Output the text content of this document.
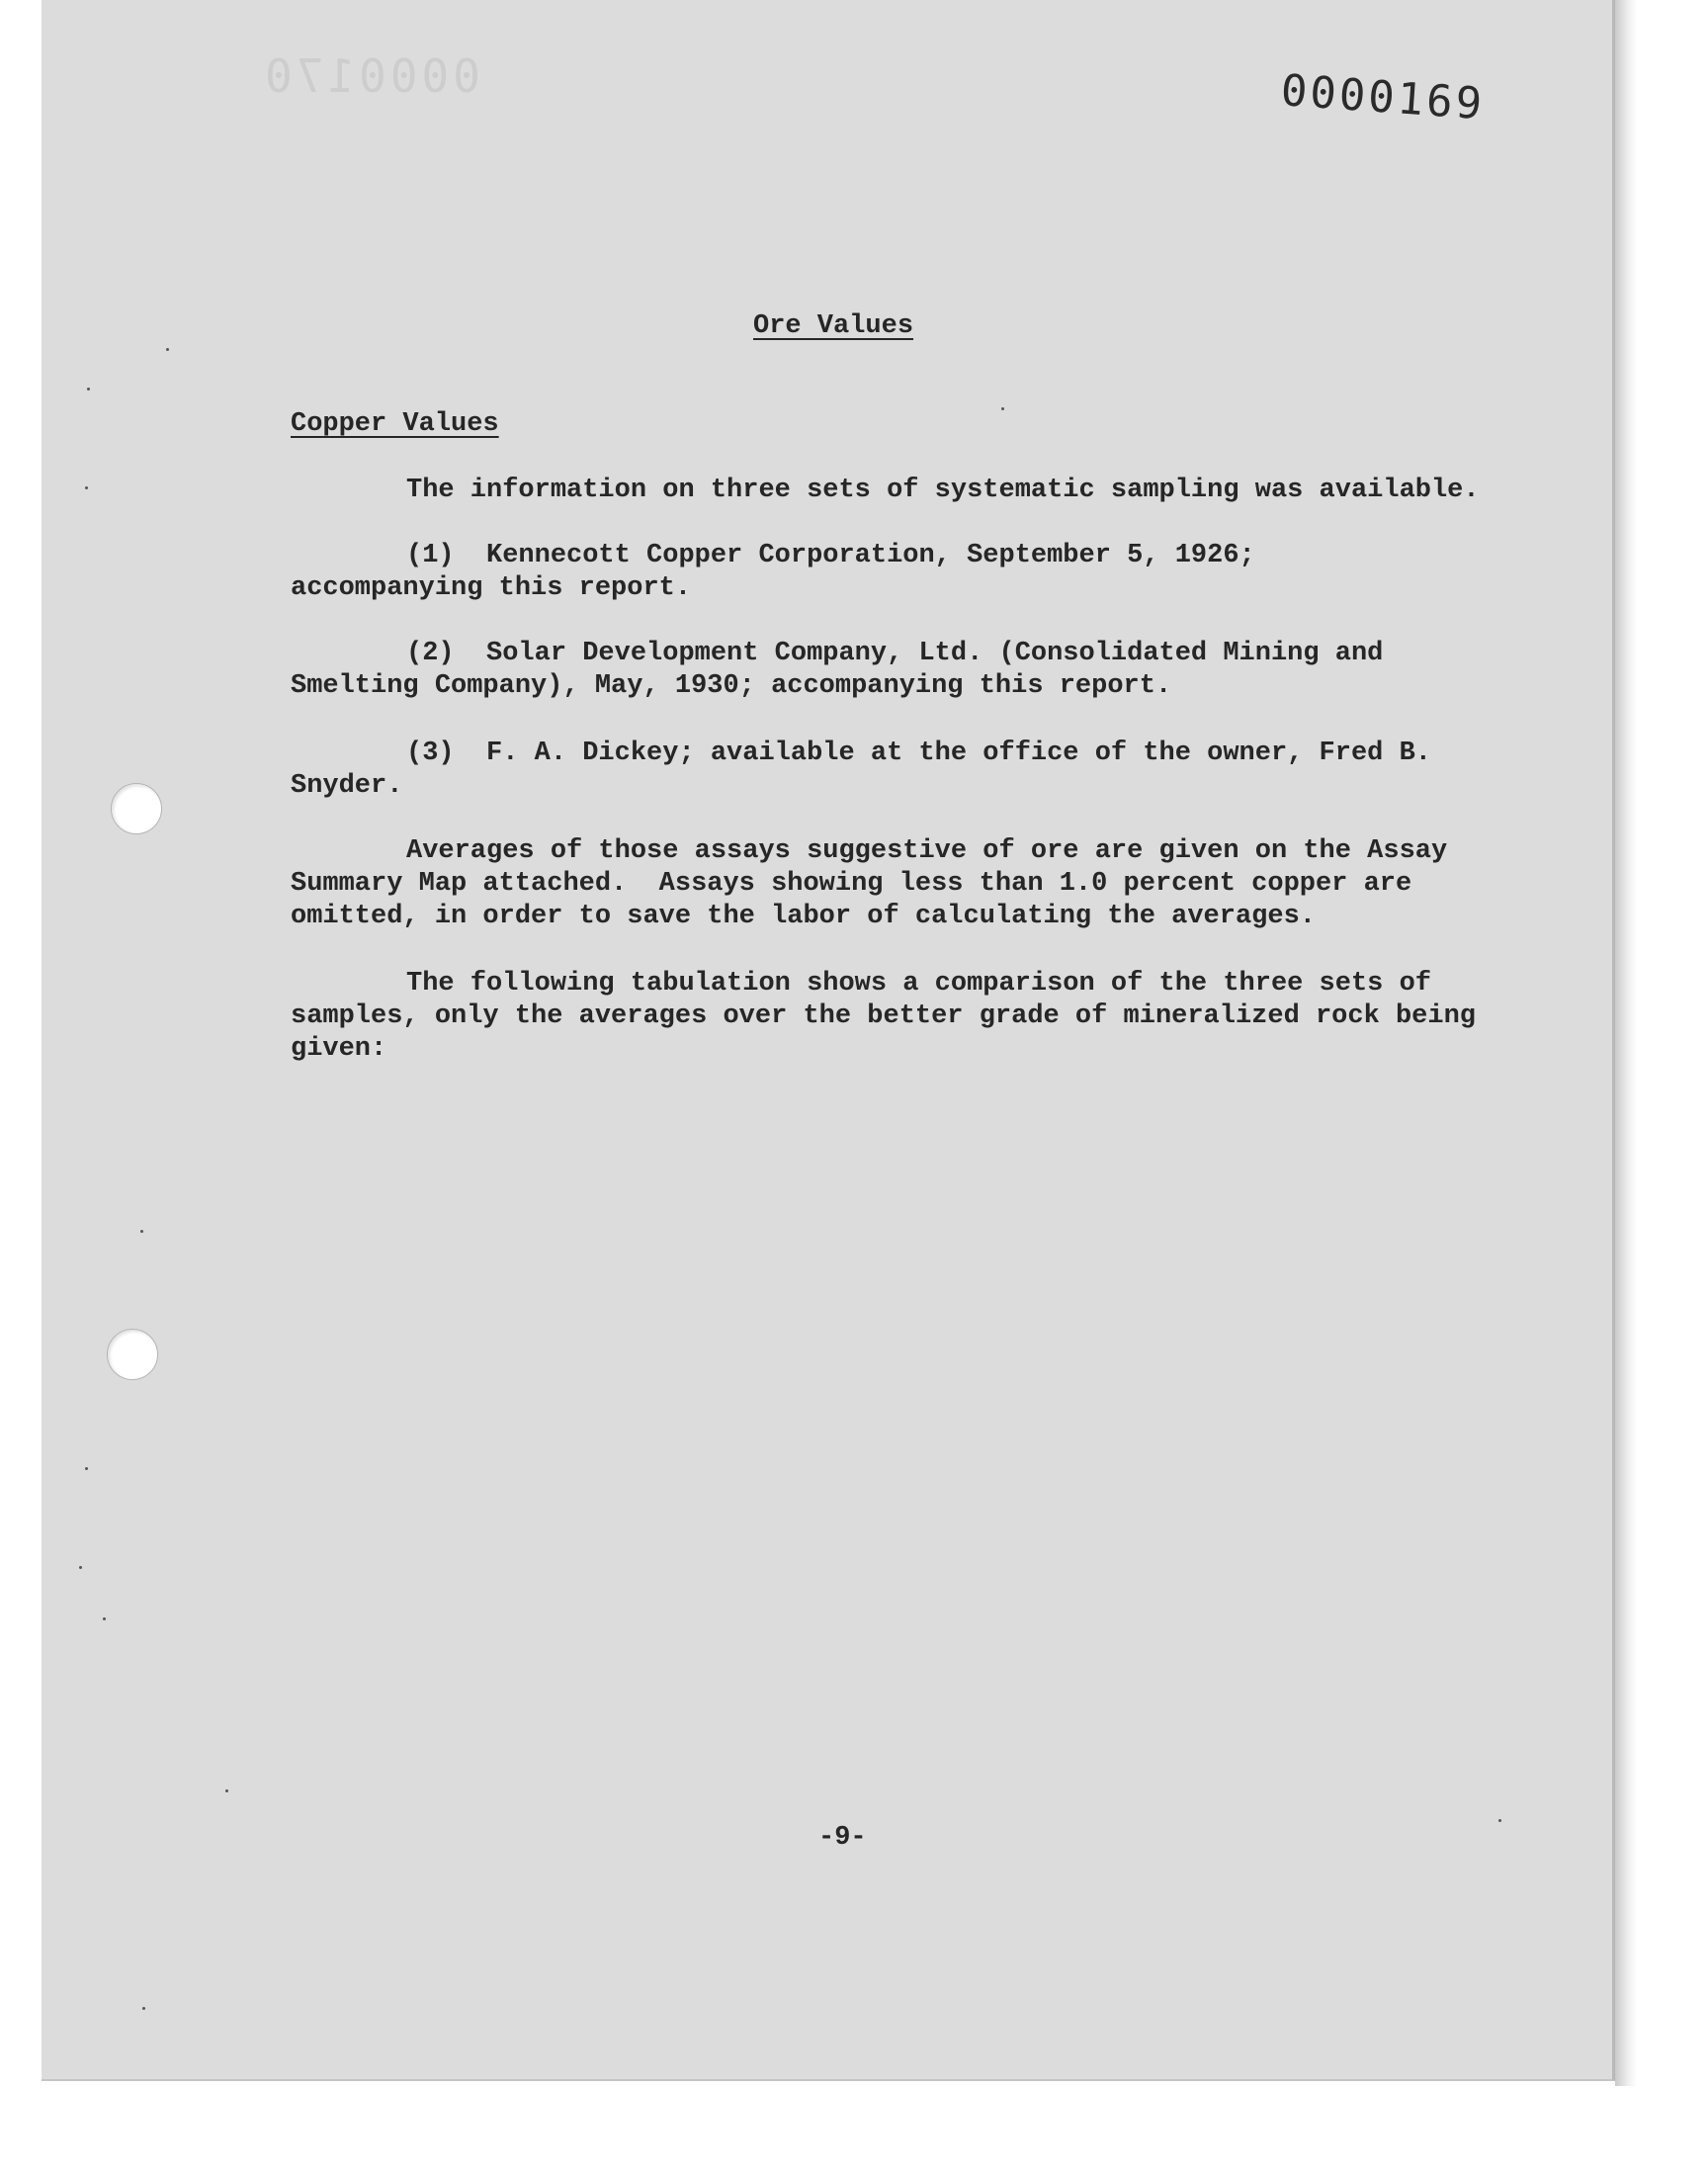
0000170	0000169
Ore Values
Copper Values
The information on three sets of systematic sampling was available.
(1)  Kennecott Copper Corporation, September 5, 1926;
accompanying this report.
(2)  Solar Development Company, Ltd. (Consolidated Mining and
Smelting Company), May, 1930; accompanying this report.
(3)  F. A. Dickey; available at the office of the owner, Fred B.
Snyder.
Averages of those assays suggestive of ore are given on the Assay
Summary Map attached.  Assays showing less than 1.0 percent copper are
omitted, in order to save the labor of calculating the averages.
The following tabulation shows a comparison of the three sets of
samples, only the averages over the better grade of mineralized rock being
given:
-9-
